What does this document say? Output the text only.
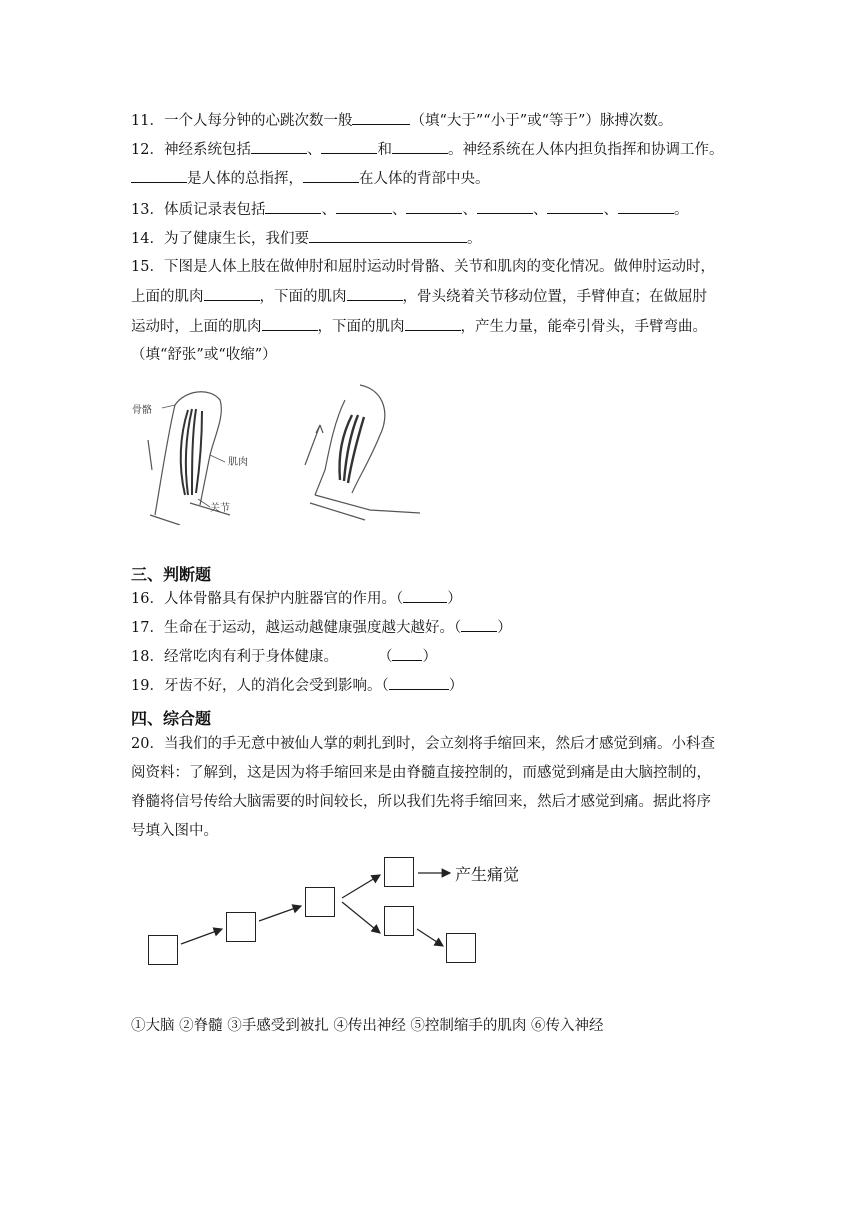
11．一个人每分钟的心跳次数一般	（填“大于”“小于”或“等于”）脉搏次数。
12．神经系统包括	、	和	。神经系统在人体内担负指挥和协调工作。
是人体的总指挥，	在人体的背部中央。
13．体质记录表包括	、	、	、	、	、	。
14．为了健康生长，我们要	。
15．下图是人体上肢在做伸肘和屈肘运动时骨骼、关节和肌肉的变化情况。做伸肘运动时，
上面的肌肉	，下面的肌肉	，骨头绕着关节移动位置，手臂伸直；在做屈肘
运动时，上面的肌肉	，下面的肌肉	，产生力量，能牵引骨头，手臂弯曲。
（填“舒张”或“收缩”）
骨骼
肌肉
关节
三、判断题
16．人体骨骼具有保护内脏器官的作用。（	）
17．生命在于运动，越运动越健康强度越大越好。（ ）
18．经常吃肉有利于身体健康。	（ ）
19．牙齿不好，人的消化会受到影响。（	）
四、综合题
20．当我们的手无意中被仙人掌的刺扎到时，会立刻将手缩回来，然后才感觉到痛。小科查
阅资料：了解到，这是因为将手缩回来是由脊髓直接控制的，而感觉到痛是由大脑控制的，
脊髓将信号传给大脑需要的时间较长，所以我们先将手缩回来，然后才感觉到痛。据此将序
号填入图中。
产生痛觉
①大脑 ②脊髓 ③手感受到被扎 ④传出神经 ⑤控制缩手的肌肉 ⑥传入神经
